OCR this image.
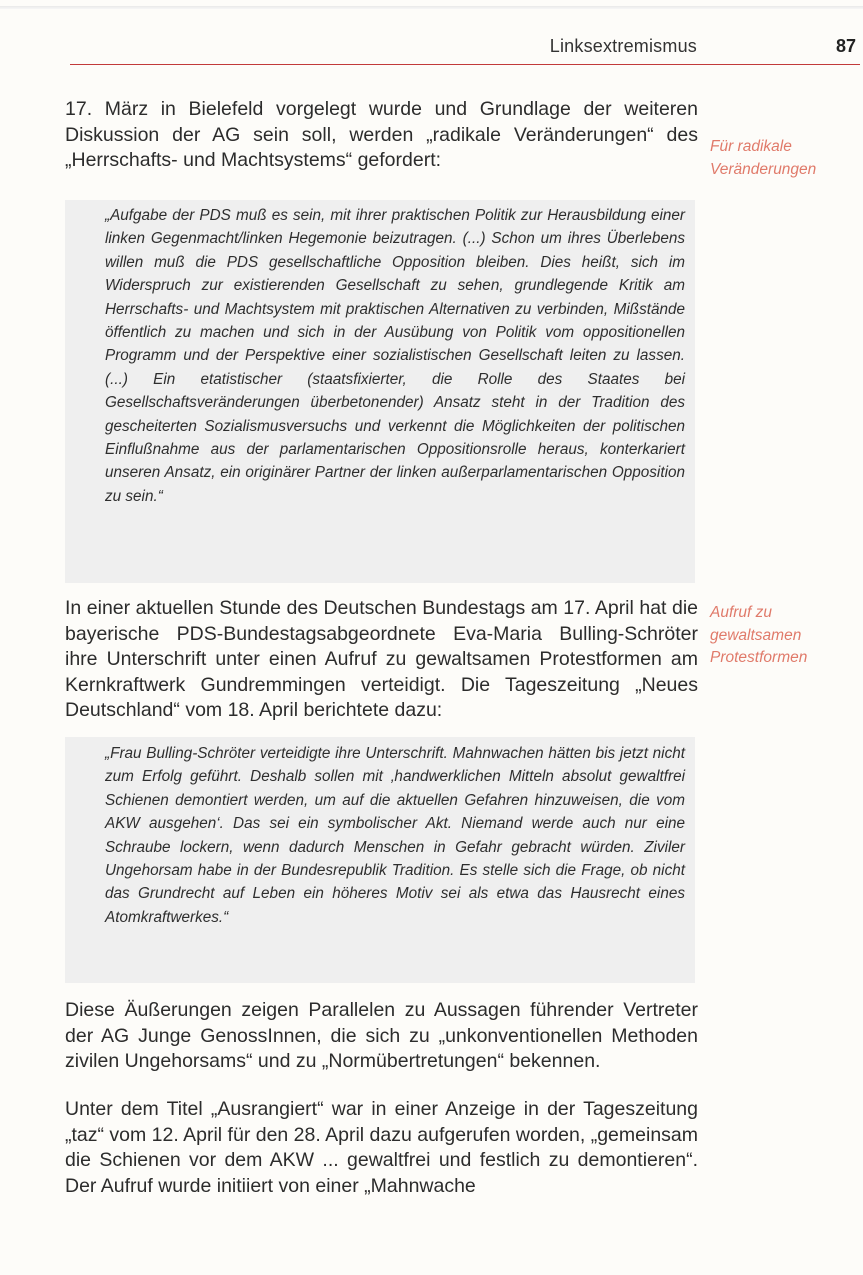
Linksextremismus	87
17. März in Bielefeld vorgelegt wurde und Grundlage der weiteren Diskussion der AG sein soll, werden „radikale Veränderungen“ des „Herrschafts- und Machtsystems“ gefordert:
Für radikale Veränderungen

„Aufgabe der PDS muß es sein, mit ihrer praktischen Politik zur Herausbildung einer linken Gegenmacht/linken Hegemonie beizutragen. (...) Schon um ihres Überlebens willen muß die PDS gesellschaftliche Opposition bleiben. Dies heißt, sich im Widerspruch zur existierenden Gesellschaft zu sehen, grundlegende Kritik am Herrschafts- und Machtsystem mit praktischen Alternativen zu verbinden, Mißstände öffentlich zu machen und sich in der Ausübung von Politik vom oppositionellen Programm und der Perspektive einer sozialistischen Gesellschaft leiten zu lassen. (...) Ein etatistischer (staatsfixierter, die Rolle des Staates bei Gesellschaftsveränderungen überbetonender) Ansatz steht in der Tradition des gescheiterten Sozialismusversuchs und verkennt die Möglichkeiten der politischen Einflußnahme aus der parlamentarischen Oppositionsrolle heraus, konterkariert unseren Ansatz, ein originärer Partner der linken außerparlamentarischen Opposition zu sein.“

In einer aktuellen Stunde des Deutschen Bundestags am 17. April hat die bayerische PDS-Bundestagsabgeordnete Eva-Maria Bulling-Schröter ihre Unterschrift unter einen Aufruf zu gewaltsamen Protestformen am Kernkraftwerk Gundremmingen verteidigt. Die Tageszeitung „Neues Deutschland“ vom 18. April berichtete dazu:
Aufruf zu gewaltsamen Protestformen

„Frau Bulling-Schröter verteidigte ihre Unterschrift. Mahnwachen hätten bis jetzt nicht zum Erfolg geführt. Deshalb sollen mit ‚handwerklichen Mitteln absolut gewaltfrei Schienen demontiert werden, um auf die aktuellen Gefahren hinzuweisen, die vom AKW ausgehen‘. Das sei ein symbolischer Akt. Niemand werde auch nur eine Schraube lockern, wenn dadurch Menschen in Gefahr gebracht würden. Ziviler Ungehorsam habe in der Bundesrepublik Tradition. Es stelle sich die Frage, ob nicht das Grundrecht auf Leben ein höheres Motiv sei als etwa das Hausrecht eines Atomkraftwerkes.“

Diese Äußerungen zeigen Parallelen zu Aussagen führender Vertreter der AG Junge GenossInnen, die sich zu „unkonventionellen Methoden zivilen Ungehorsams“ und zu „Normübertretungen“ bekennen.
Unter dem Titel „Ausrangiert“ war in einer Anzeige in der Tageszeitung „taz“ vom 12. April für den 28. April dazu aufgerufen worden, „gemeinsam die Schienen vor dem AKW ... gewaltfrei und festlich zu demontieren“. Der Aufruf wurde initiiert von einer „Mahnwache
